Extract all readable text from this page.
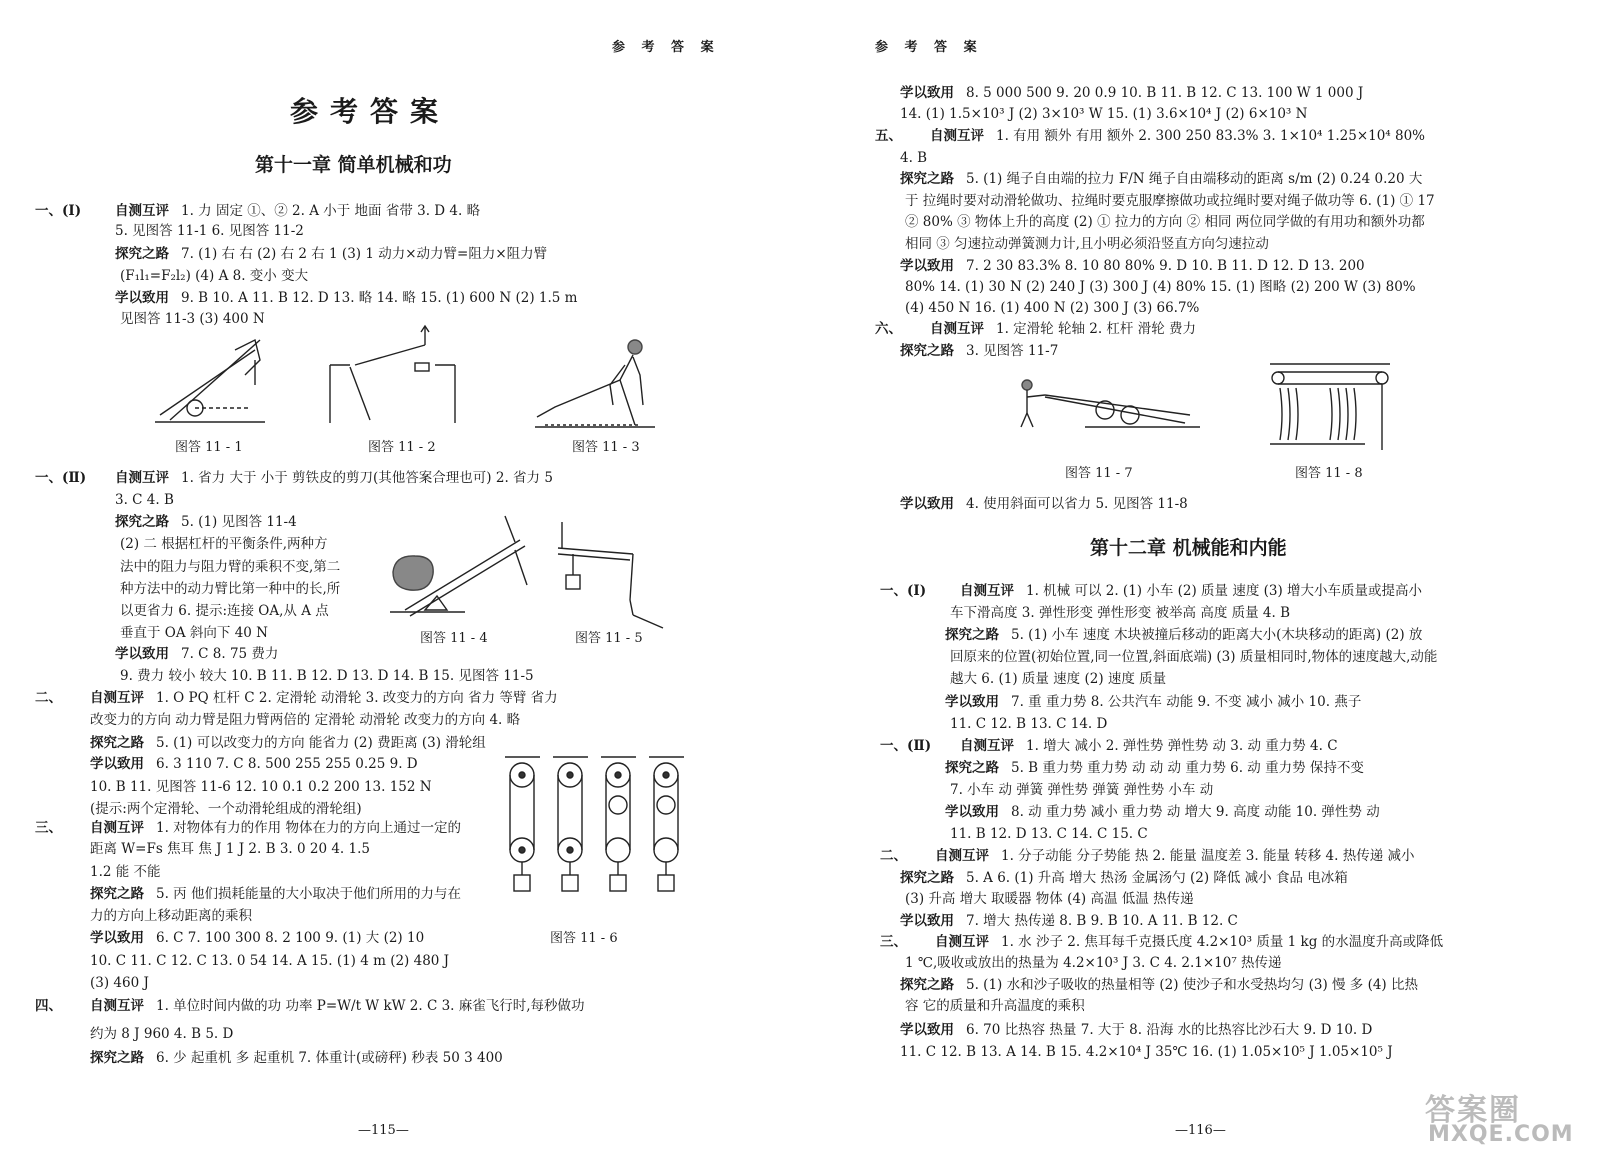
参 考 答 案
参考答案
第十一章 简单机械和功
一、(Ⅰ)	自测互评 1. 力 固定 ①、② 2. A 小于 地面 省带 3. D 4. 略
5. 见图答 11-1 6. 见图答 11-2
探究之路 7. (1) 右 右 (2) 右 2 右 1 (3) 1 动力×动力臂=阻力×阻力臂
(F₁l₁=F₂l₂) (4) A 8. 变小 变大
学以致用 9. B 10. A 11. B 12. D 13. 略 14. 略 15. (1) 600 N (2) 1.5 m
见图答 11-3 (3) 400 N
一、(Ⅱ) 自测互评 1. 省力 大于 小于 剪铁皮的剪刀(其他答案合理也可) 2. 省力 5
3. C 4. B
探究之路 5. (1) 见图答 11-4
(2) 二 根据杠杆的平衡条件,两种方
法中的阻力与阻力臂的乘积不变,第二
种方法中的动力臂比第一种中的长,所
以更省力 6. 提示:连接 OA,从 A 点
垂直于 OA 斜向下 40 N
学以致用 7. C 8. 75 费力
9. 费力 较小 较大 10. B 11. B 12. D 13. D 14. B 15. 见图答 11-5
二、 自测互评 1. O PQ 杠杆 C 2. 定滑轮 动滑轮 3. 改变力的方向 省力 等臂 省力
改变力的方向 动力臂是阻力臂两倍的 定滑轮 动滑轮 改变力的方向 4. 略
探究之路 5. (1) 可以改变力的方向 能省力 (2) 费距离 (3) 滑轮组
学以致用 6. 3 110 7. C 8. 500 255 255 0.25 9. D
10. B 11. 见图答 11-6 12. 10 0.1 0.2 200 13. 152 N
(提示:两个定滑轮、一个动滑轮组成的滑轮组)
三、 自测互评 1. 对物体有力的作用 物体在力的方向上通过一定的
距离 W=Fs 焦耳 焦 J 1 J 2. B 3. 0 20 4. 1.5
1.2 能 不能
探究之路 5. 丙 他们损耗能量的大小取决于他们所用的力与在
力的方向上移动距离的乘积
学以致用 6. C 7. 100 300 8. 2 100 9. (1) 大 (2) 10
10. C 11. C 12. C 13. 0 54 14. A 15. (1) 4 m (2) 480 J
(3) 460 J
四、 自测互评 1. 单位时间内做的功 功率 P=W/t W kW 2. C 3. 麻雀飞行时,每秒做功
约为 8 J 960 4. B 5. D
探究之路 6. 少 起重机 多 起重机 7. 体重计(或磅秤) 秒表 50 3 400
图答 11 - 1	图答 11 - 2	图答 11 - 3
图答 11 - 4	图答 11 - 5
图答 11 - 6
—115—
参 考 答 案
学以致用 8. 5 000 500 9. 20 0.9 10. B 11. B 12. C 13. 100 W 1 000 J
14. (1) 1.5×10³ J (2) 3×10³ W 15. (1) 3.6×10⁴ J (2) 6×10³ N
五、 自测互评 1. 有用 额外 有用 额外 2. 300 250 83.3% 3. 1×10⁴ 1.25×10⁴ 80%
4. B
探究之路 5. (1) 绳子自由端的拉力 F/N 绳子自由端移动的距离 s/m (2) 0.24 0.20 大
于 拉绳时要对动滑轮做功、拉绳时要克服摩擦做功或拉绳时要对绳子做功等 6. (1) ① 17
② 80% ③ 物体上升的高度 (2) ① 拉力的方向 ② 相同 两位同学做的有用功和额外功都
相同 ③ 匀速拉动弹簧测力计,且小明必须沿竖直方向匀速拉动
学以致用 7. 2 30 83.3% 8. 10 80 80% 9. D 10. B 11. D 12. D 13. 200
80% 14. (1) 30 N (2) 240 J (3) 300 J (4) 80% 15. (1) 图略 (2) 200 W (3) 80%
(4) 450 N 16. (1) 400 N (2) 300 J (3) 66.7%
六、 自测互评 1. 定滑轮 轮轴 2. 杠杆 滑轮 费力
探究之路 3. 见图答 11-7
学以致用 4. 使用斜面可以省力 5. 见图答 11-8
一、(Ⅰ)	自测互评 1. 机械 可以 2. (1) 小车 (2) 质量 速度 (3) 增大小车质量或提高小
车下滑高度 3. 弹性形变 弹性形变 被举高 高度 质量 4. B
探究之路 5. (1) 小车 速度 木块被撞后移动的距离大小(木块移动的距离) (2) 放
回原来的位置(初始位置,同一位置,斜面底端) (3) 质量相同时,物体的速度越大,动能
越大 6. (1) 质量 速度 (2) 速度 质量
学以致用 7. 重 重力势 8. 公共汽车 动能 9. 不变 减小 减小 10. 燕子
11. C 12. B 13. C 14. D
一、(Ⅱ) 自测互评 1. 增大 减小 2. 弹性势 弹性势 动 3. 动 重力势 4. C
探究之路 5. B 重力势 重力势 动 动 动 重力势 6. 动 重力势 保持不变
7. 小车 动 弹簧 弹性势 弹簧 弹性势 小车 动
学以致用 8. 动 重力势 减小 重力势 动 增大 9. 高度 动能 10. 弹性势 动
11. B 12. D 13. C 14. C 15. C
二、 自测互评 1. 分子动能 分子势能 热 2. 能量 温度差 3. 能量 转移 4. 热传递 减小
探究之路 5. A 6. (1) 升高 增大 热汤 金属汤勺 (2) 降低 减小 食品 电冰箱
(3) 升高 增大 取暖器 物体 (4) 高温 低温 热传递
学以致用 7. 增大 热传递 8. B 9. B 10. A 11. B 12. C
三、 自测互评 1. 水 沙子 2. 焦耳每千克摄氏度 4.2×10³ 质量 1 kg 的水温度升高或降低
1 ℃,吸收或放出的热量为 4.2×10³ J 3. C 4. 2.1×10⁷ 热传递
探究之路 5. (1) 水和沙子吸收的热量相等 (2) 使沙子和水受热均匀 (3) 慢 多 (4) 比热
容 它的质量和升高温度的乘积
学以致用 6. 70 比热容 热量 7. 大于 8. 沿海 水的比热容比沙石大 9. D 10. D
11. C 12. B 13. A 14. B 15. 4.2×10⁴ J 35℃ 16. (1) 1.05×10⁵ J 1.05×10⁵ J
图答 11 - 7	图答 11 - 8
第十二章 机械能和内能
—116—
答案圈
MXQE.COM
